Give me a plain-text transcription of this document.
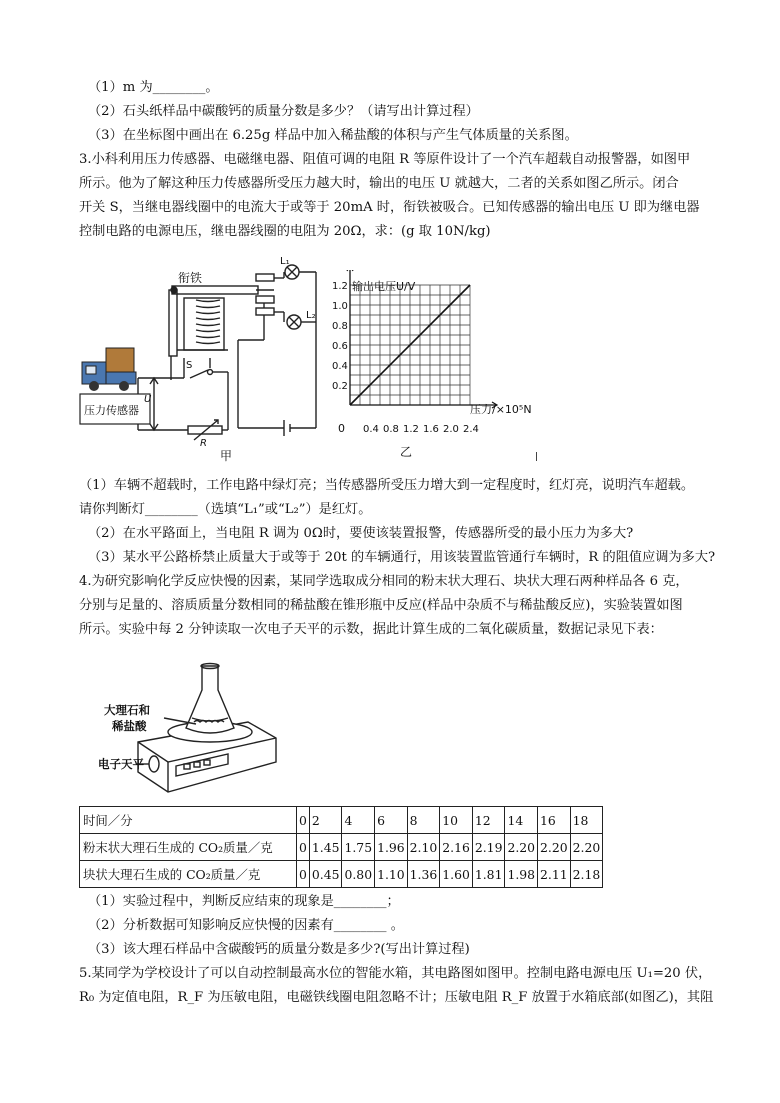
（1）m 为________。
（2）石头纸样品中碳酸钙的质量分数是多少？（请写出计算过程）
（3）在坐标图中画出在 6.25g 样品中加入稀盐酸的体积与产生气体质量的关系图。
3.小科利用压力传感器、电磁继电器、阻值可调的电阻 R 等原件设计了一个汽车超载自动报警器，如图甲
所示。他为了解这种压力传感器所受压力越大时，输出的电压 U 就越大，二者的关系如图乙所示。闭合
开关 S，当继电器线圈中的电流大于或等于 20mA 时，衔铁被吸合。已知传感器的输出电压 U 即为继电器
控制电路的电源电压，继电器线圈的电阻为 20Ω，求：(g 取 10N/kg)
压力传感器
衔铁
L₁
L₂
S
U
R
甲
输出电压U/V
压力/×10⁵N
0
乙
0.4 0.8 1.2 1.6 2.0 2.4
0.2
0.4
0.6
0.8
1.0
1.2
（1）车辆不超载时，工作电路中绿灯亮；当传感器所受压力增大到一定程度时，红灯亮，说明汽车超载。
请你判断灯________（选填“L₁”或“L₂”）是红灯。
（2）在水平路面上，当电阻 R 调为 0Ω时，要使该装置报警，传感器所受的最小压力为多大?
（3）某水平公路桥禁止质量大于或等于 20t 的车辆通行，用该装置监管通行车辆时，R 的阻值应调为多大?
4.为研究影响化学反应快慢的因素，某同学选取成分相同的粉末状大理石、块状大理石两种样品各 6 克，
分别与足量的、溶质质量分数相同的稀盐酸在锥形瓶中反应(样品中杂质不与稀盐酸反应)，实验装置如图
所示。实验中每 2 分钟读取一次电子天平的示数，据此计算生成的二氧化碳质量，数据记录见下表：
大理石和
稀盐酸
电子天平
时间／分	0	2	4	6	8	10	12	14	16	18
粉末状大理石生成的 CO₂质量／克	0	1.45	1.75	1.96	2.10	2.16	2.19	2.20	2.20	2.20
块状大理石生成的 CO₂质量／克	0	0.45	0.80	1.10	1.36	1.60	1.81	1.98	2.11	2.18
（1）实验过程中，判断反应结束的现象是________；
（2）分析数据可知影响反应快慢的因素有________ 。
（3）该大理石样品中含碳酸钙的质量分数是多少?(写出计算过程)
5.某同学为学校设计了可以自动控制最高水位的智能水箱，其电路图如图甲。控制电路电源电压 U₁=20 伏，
R₀ 为定值电阻，R_F 为压敏电阻，电磁铁线圈电阻忽略不计；压敏电阻 R_F 放置于水箱底部(如图乙)，其阻
